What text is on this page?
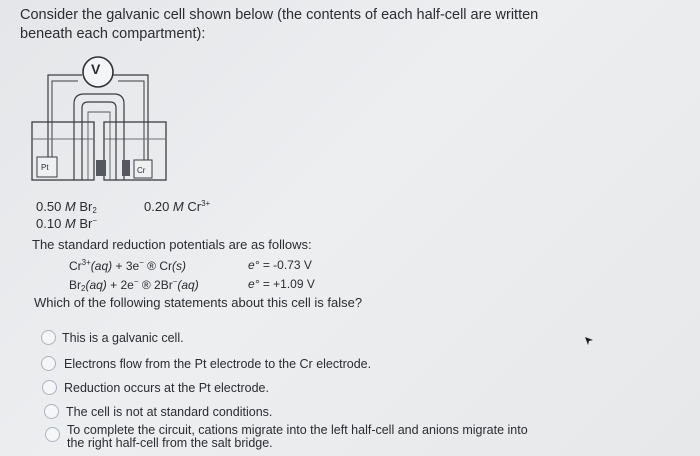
Consider the galvanic cell shown below (the contents of each half-cell are written beneath each compartment):
V
Pt	Cr
0.50 M $Br_2$
0.10 M Br−
0.20 M $Cr^{3+}$
The standard reduction potentials are as follows:
$Cr^{3+}(aq) + 3e^-$ ® Cr(s)	e° = -0.73 V
$Br_2(aq) + 2e^-$ ® 2Br−(aq)	e° = +1.09 V
Which of the following statements about this cell is false?
This is a galvanic cell.
Electrons flow from the Pt electrode to the Cr electrode.
Reduction occurs at the Pt electrode.
The cell is not at standard conditions.
To complete the circuit, cations migrate into the left half-cell and anions migrate into the right half-cell from the salt bridge.
